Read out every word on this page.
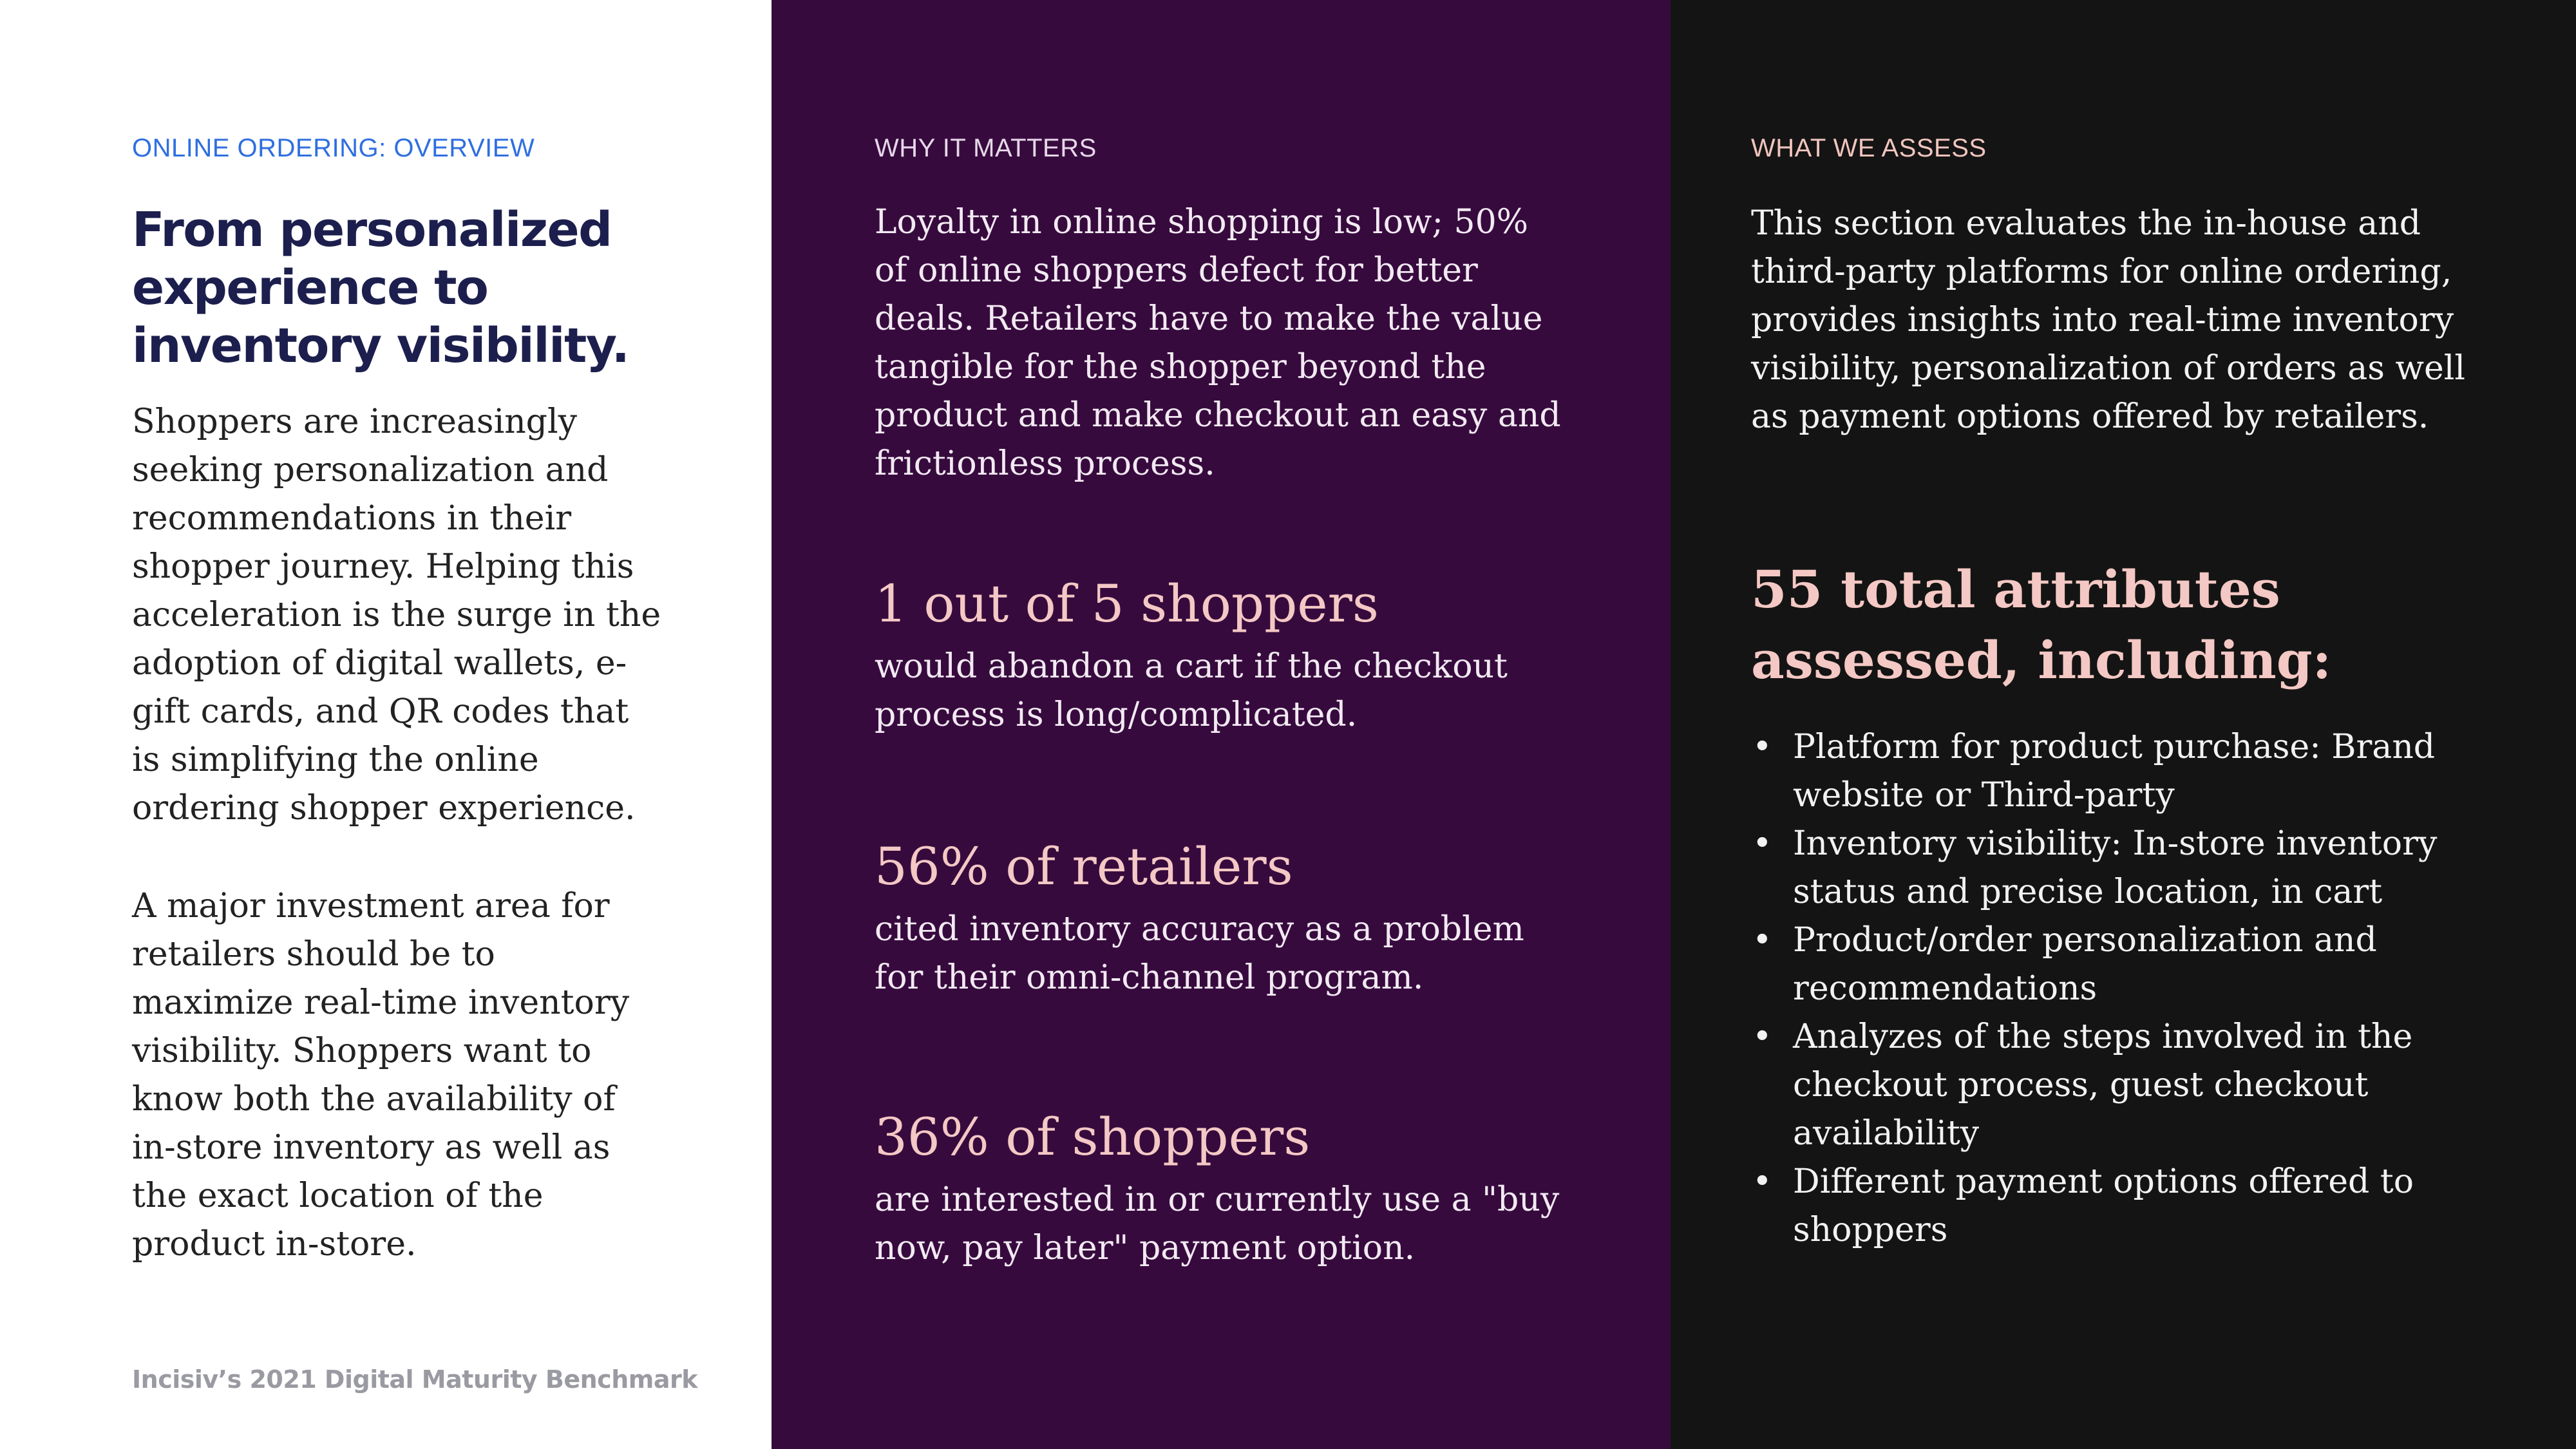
ONLINE ORDERING: OVERVIEW

From personalized experience to inventory visibility.

Shoppers are increasingly seeking personalization and recommendations in their shopper journey. Helping this acceleration is the surge in the adoption of digital wallets, e-gift cards, and QR codes that is simplifying the online ordering shopper experience.

A major investment area for retailers should be to maximize real-time inventory visibility. Shoppers want to know both the availability of in-store inventory as well as the exact location of the product in-store.

Incisiv’s 2021 Digital Maturity Benchmark

WHY IT MATTERS

Loyalty in online shopping is low; 50% of online shoppers defect for better deals. Retailers have to make the value tangible for the shopper beyond the product and make checkout an easy and frictionless process.

1 out of 5 shoppers

would abandon a cart if the checkout process is long/complicated.

56% of retailers

cited inventory accuracy as a problem for their omni-channel program.

36% of shoppers

are interested in or currently use a "buy now, pay later" payment option.

WHAT WE ASSESS

This section evaluates the in-house and third-party platforms for online ordering, provides insights into real-time inventory visibility, personalization of orders as well as payment options offered by retailers.

55 total attributes assessed, including:
• Platform for product purchase: Brand website or Third-party
• Inventory visibility: In-store inventory status and precise location, in cart
• Product/order personalization and recommendations
• Analyzes of the steps involved in the checkout process, guest checkout availability
• Different payment options offered to shoppers
